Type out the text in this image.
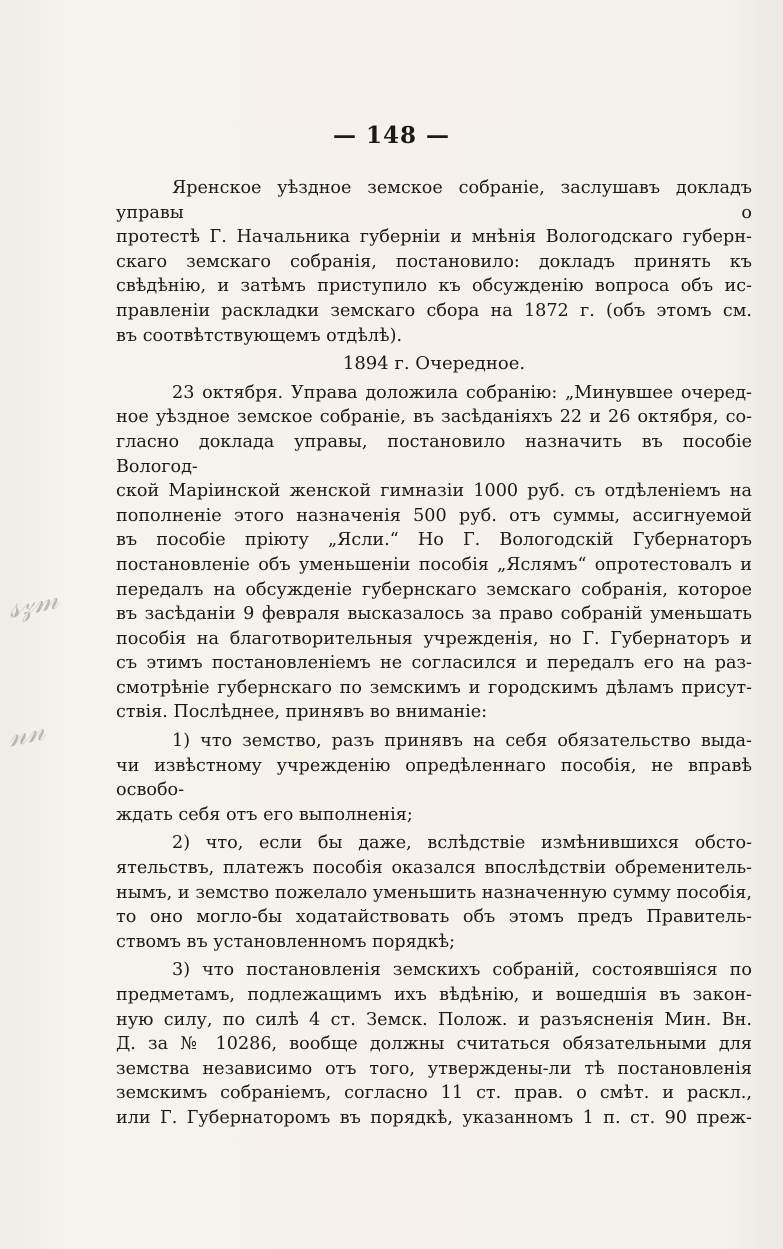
𝓈𝓏𝓂
𝓃𝓃
— 148 —
Яренское уѣздное земское собраніе, заслушавъ докладъ управы о
протестѣ Г. Начальника губерніи и мнѣнія Вологодскаго губерн-
скаго земскаго собранія, постановило: докладъ принять къ
свѣдѣнію, и затѣмъ приступило къ обсужденію вопроса объ ис-
правленіи раскладки земскаго сбора на 1872 г. (объ этомъ см.
въ соотвѣтствующемъ отдѣлѣ).
1894 г. Очередное.
23 октября. Управа доложила собранію: „Минувшее очеред-
ное уѣздное земское собраніе, въ засѣданіяхъ 22 и 26 октября, со-
гласно доклада управы, постановило назначить въ пособіе Вологод-
ской Маріинской женской гимназіи 1000 руб. съ отдѣленіемъ на
пополненіе этого назначенія 500 руб. отъ суммы, ассигнуемой
въ пособіе пріюту „Ясли.“ Но Г. Вологодскій Губернаторъ
постановленіе объ уменьшеніи пособія „Яслямъ“ опротестовалъ и
передалъ на обсужденіе губернскаго земскаго собранія, которое
въ засѣданіи 9 февраля высказалось за право собраній уменьшать
пособія на благотворительныя учрежденія, но Г. Губернаторъ и
съ этимъ постановленіемъ не согласился и передалъ его на раз-
смотрѣніе губернскаго по земскимъ и городскимъ дѣламъ присут-
ствія. Послѣднее, принявъ во вниманіе:
1) что земство, разъ принявъ на себя обязательство выда-
чи извѣстному учрежденію опредѣленнаго пособія, не вправѣ освобо-
ждать себя отъ его выполненія;
2) что, если бы даже, вслѣдствіе измѣнившихся обсто-
ятельствъ, платежъ пособія оказался впослѣдствіи обременитель-
нымъ, и земство пожелало уменьшить назначенную сумму пособія,
то оно могло-бы ходатайствовать объ этомъ предъ Правитель-
ствомъ въ установленномъ порядкѣ;
3) что постановленія земскихъ собраній, состоявшіяся по
предметамъ, подлежащимъ ихъ вѣдѣнію, и вошедшія въ закон-
ную силу, по силѣ 4 ст. Земск. Полож. и разъясненія Мин. Вн.
Д. за № 10286, вообще должны считаться обязательными для
земства независимо отъ того, утверждены-ли тѣ постановленія
земскимъ собраніемъ, согласно 11 ст. прав. о смѣт. и раскл.,
или Г. Губернаторомъ въ порядкѣ, указанномъ 1 п. ст. 90 преж-
